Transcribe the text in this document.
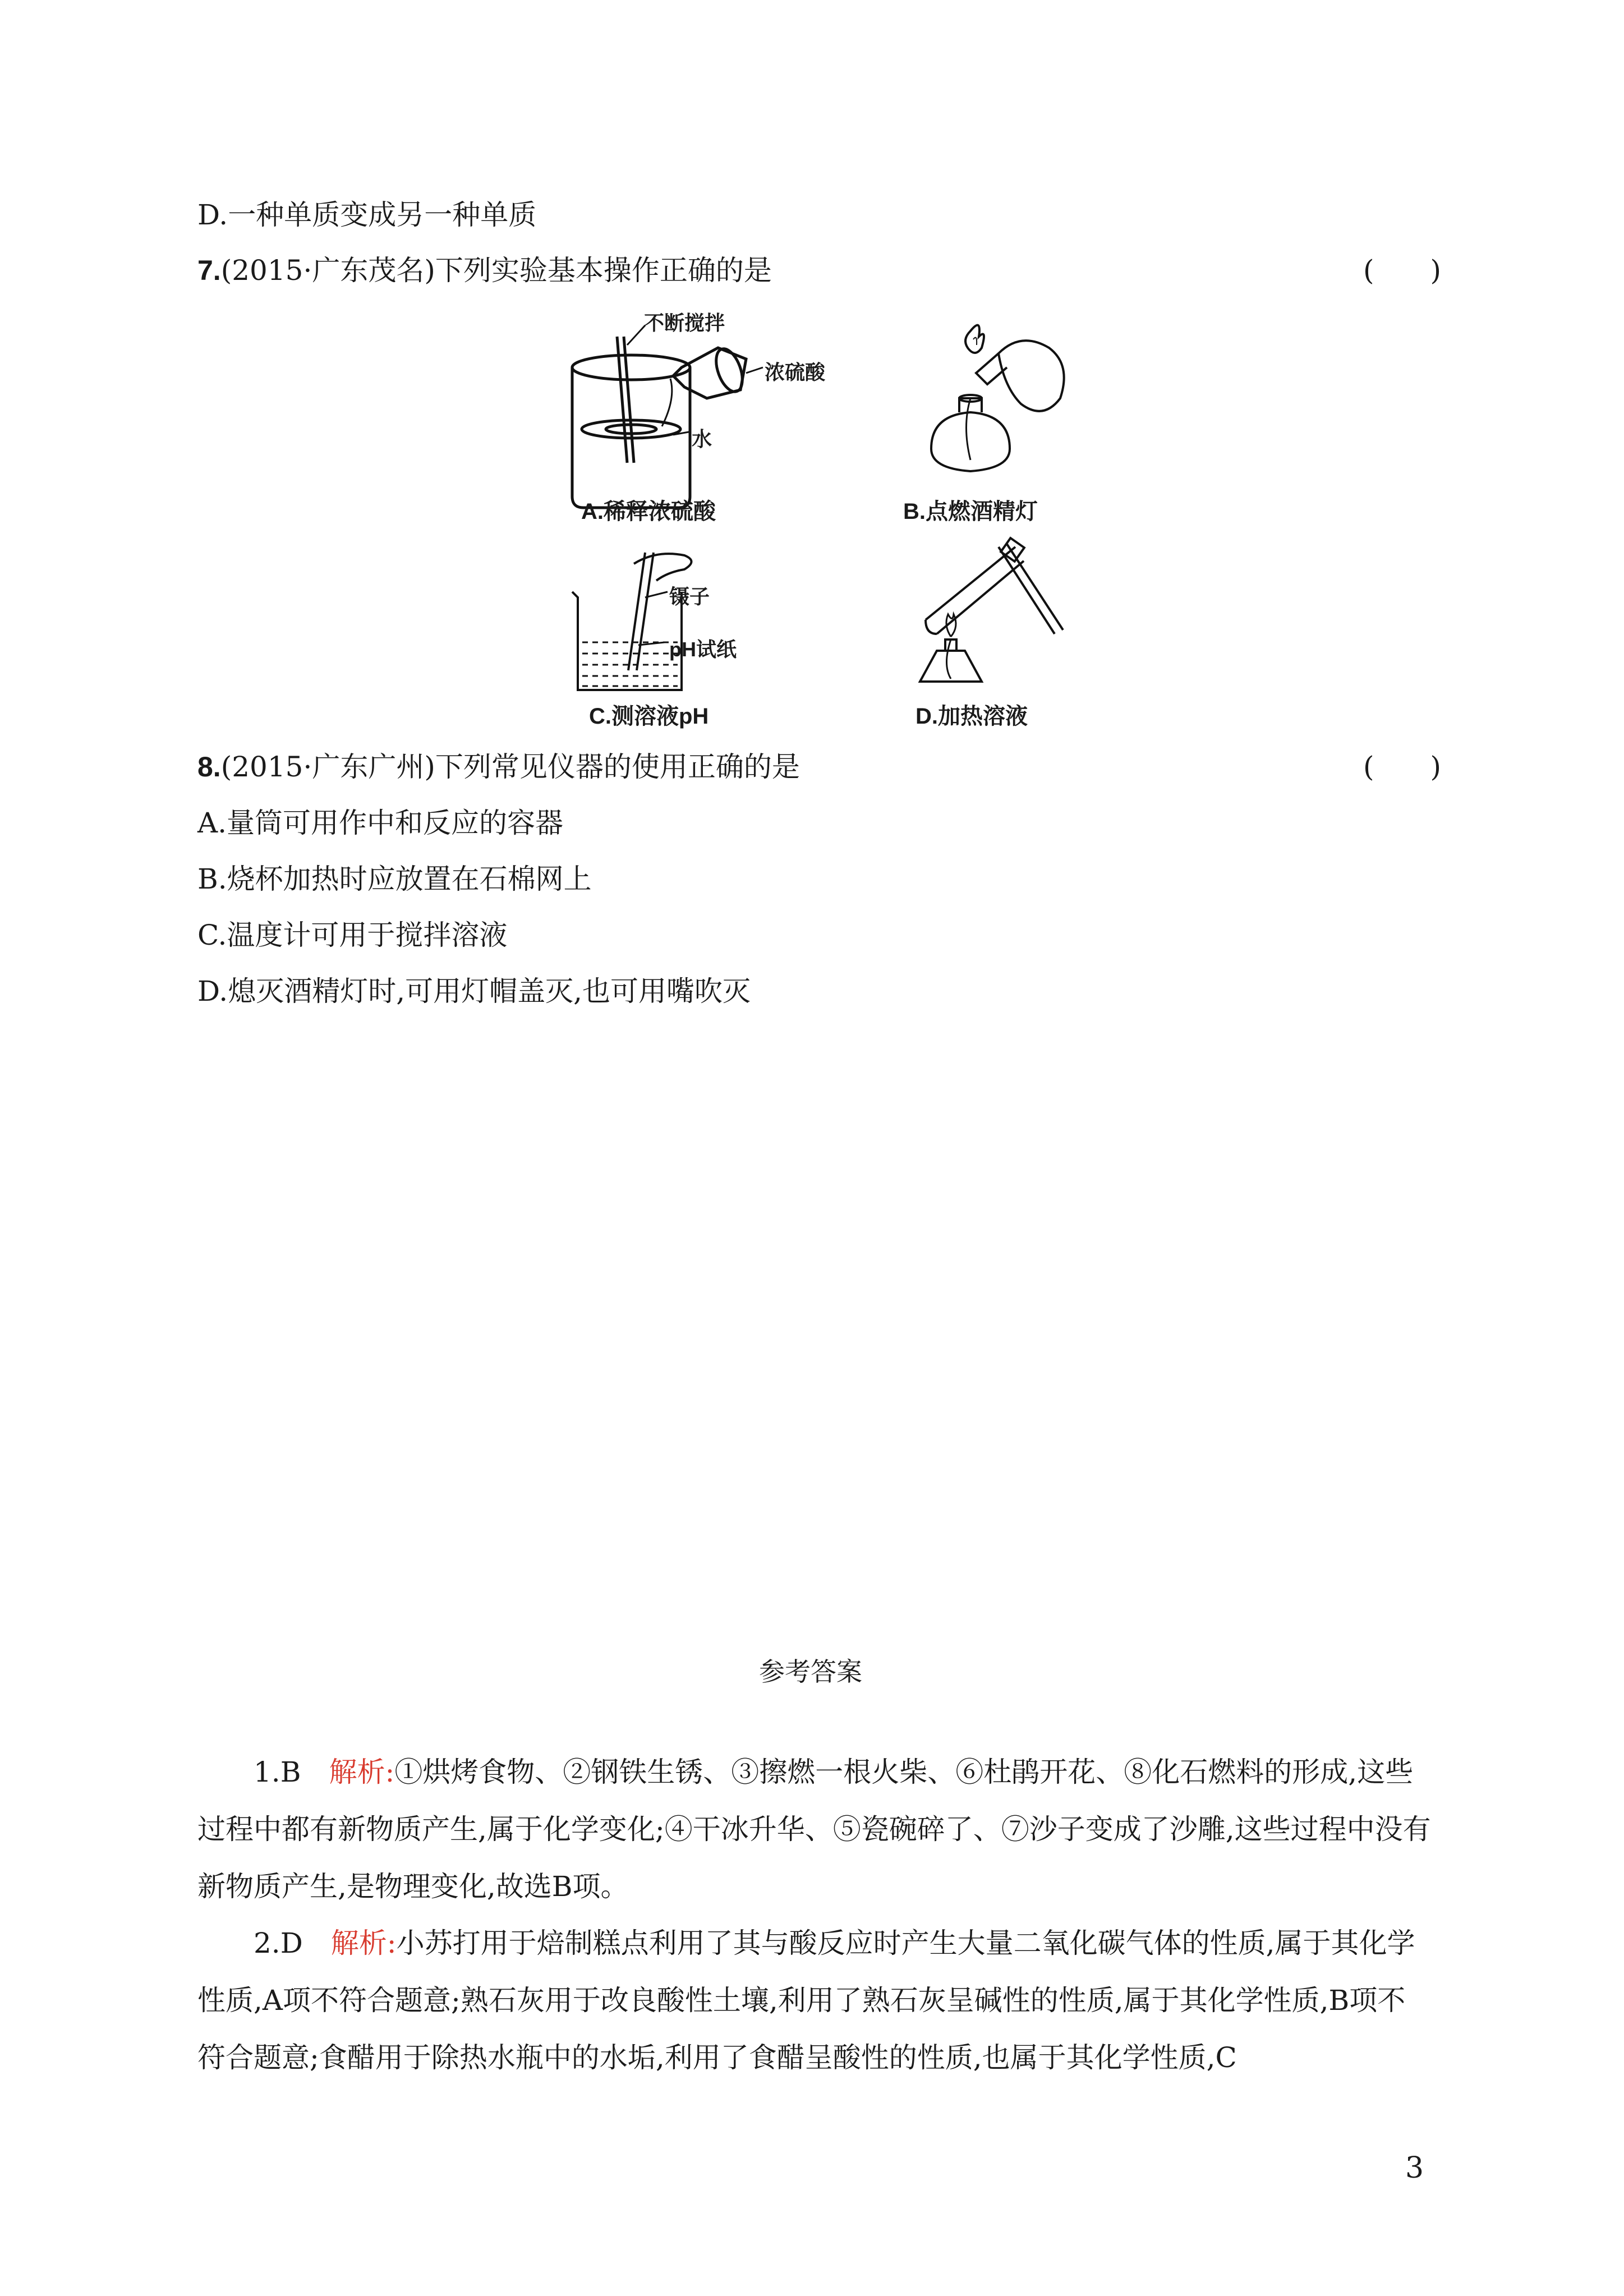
D.一种单质变成另一种单质
7.(2015·广东茂名)下列实验基本操作正确的是	(　　)
不断搅拌
浓硫酸
水
A.稀释浓硫酸	B.点燃酒精灯
镊子
pH试纸
C.测溶液pH	D.加热溶液
8.(2015·广东广州)下列常见仪器的使用正确的是	(　　)
A.量筒可用作中和反应的容器
B.烧杯加热时应放置在石棉网上
C.温度计可用于搅拌溶液
D.熄灭酒精灯时,可用灯帽盖灭,也可用嘴吹灭
参考答案
1.B  解析:①烘烤食物、②钢铁生锈、③擦燃一根火柴、⑥杜鹃开花、⑧化石燃料的形成,这些过程中都有新物质产生,属于化学变化;④干冰升华、⑤瓷碗碎了、⑦沙子变成了沙雕,这些过程中没有新物质产生,是物理变化,故选B项。
2.D  解析:小苏打用于焙制糕点利用了其与酸反应时产生大量二氧化碳气体的性质,属于其化学性质,A项不符合题意;熟石灰用于改良酸性土壤,利用了熟石灰呈碱性的性质,属于其化学性质,B项不符合题意;食醋用于除热水瓶中的水垢,利用了食醋呈酸性的性质,也属于其化学性质,C
3
